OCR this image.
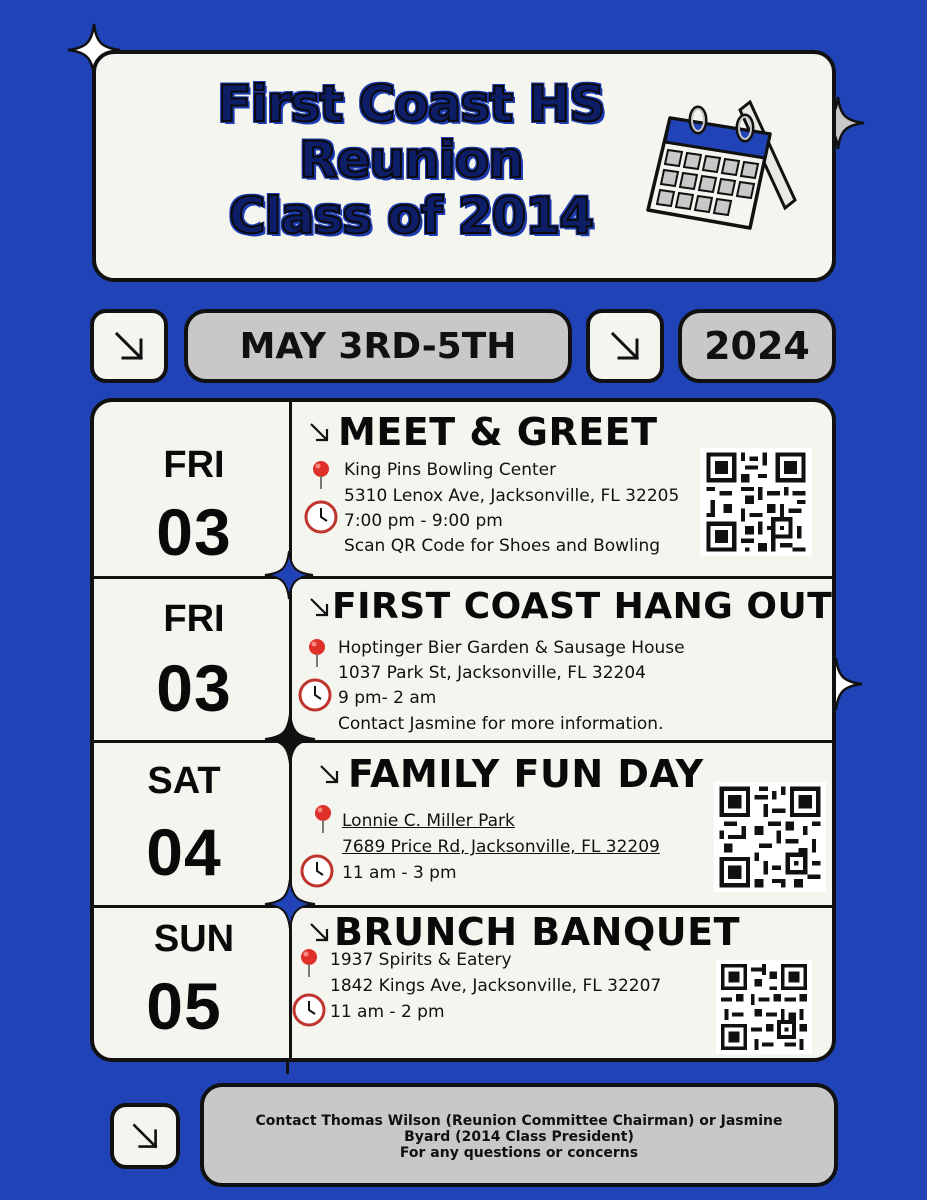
First Coast HS
Reunion
Class of 2014
MAY 3RD-5TH	2024
FRI
03
MEET & GREET
King Pins Bowling Center
5310 Lenox Ave, Jacksonville, FL 32205
7:00 pm - 9:00 pm
Scan QR Code for Shoes and Bowling
FRI
03
FIRST COAST HANG OUT
Hoptinger Bier Garden & Sausage House
1037 Park St, Jacksonville, FL 32204
9 pm- 2 am
Contact Jasmine for more information.
SAT
04
FAMILY FUN DAY
Lonnie C. Miller Park
7689 Price Rd, Jacksonville, FL 32209
11 am - 3 pm
SUN
05
BRUNCH BANQUET
1937 Spirits & Eatery
1842 Kings Ave, Jacksonville, FL 32207
11 am - 2 pm
Contact Thomas Wilson (Reunion Committee Chairman) or Jasmine
Byard (2014 Class President)
For any questions or concerns
